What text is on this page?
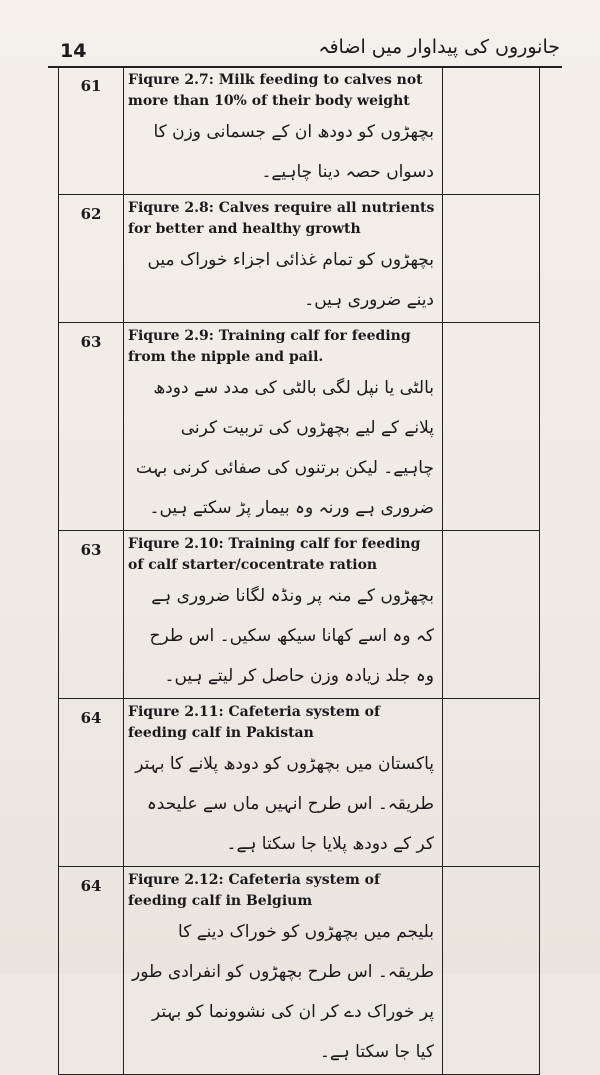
14	جانوروں کی پیداوار میں اضافہ
61	Fiqure 2.7: Milk feeding to calves not more than 10% of their body weight

بچھڑوں کو دودھ ان کے جسمانی وزن کا دسواں حصہ دینا چاہیے۔	

62	Fiqure 2.8: Calves require all nutrients for better and healthy growth

بچھڑوں کو تمام غذائی اجزاء خوراک میں دینے ضروری ہیں۔	

63	Fiqure 2.9: Training calf for feeding from the nipple and pail.

بالٹی یا نپل لگی بالٹی کی مدد سے دودھ پلانے کے لیے بچھڑوں کی تربیت کرنی چاہیے۔ لیکن برتنوں کی صفائی کرنی بہت ضروری ہے ورنہ وہ بیمار پڑ سکتے ہیں۔	

63	Fiqure 2.10: Training calf for feeding of calf starter/cocentrate ration

بچھڑوں کے منہ پر ونڈہ لگانا ضروری ہے کہ وہ اسے کھانا سیکھ سکیں۔ اس طرح وہ جلد زیادہ وزن حاصل کر لیتے ہیں۔	

64	Fiqure 2.11: Cafeteria system of feeding calf in Pakistan

پاکستان میں بچھڑوں کو دودھ پلانے کا بہتر طریقہ۔ اس طرح انہیں ماں سے علیحدہ کر کے دودھ پلایا جا سکتا ہے۔	

64	Fiqure 2.12: Cafeteria system of feeding calf in Belgium

بلیجم میں بچھڑوں کو خوراک دینے کا طریقہ۔ اس طرح بچھڑوں کو انفرادی طور پر خوراک دے کر ان کی نشوونما کو بہتر کیا جا سکتا ہے۔	
